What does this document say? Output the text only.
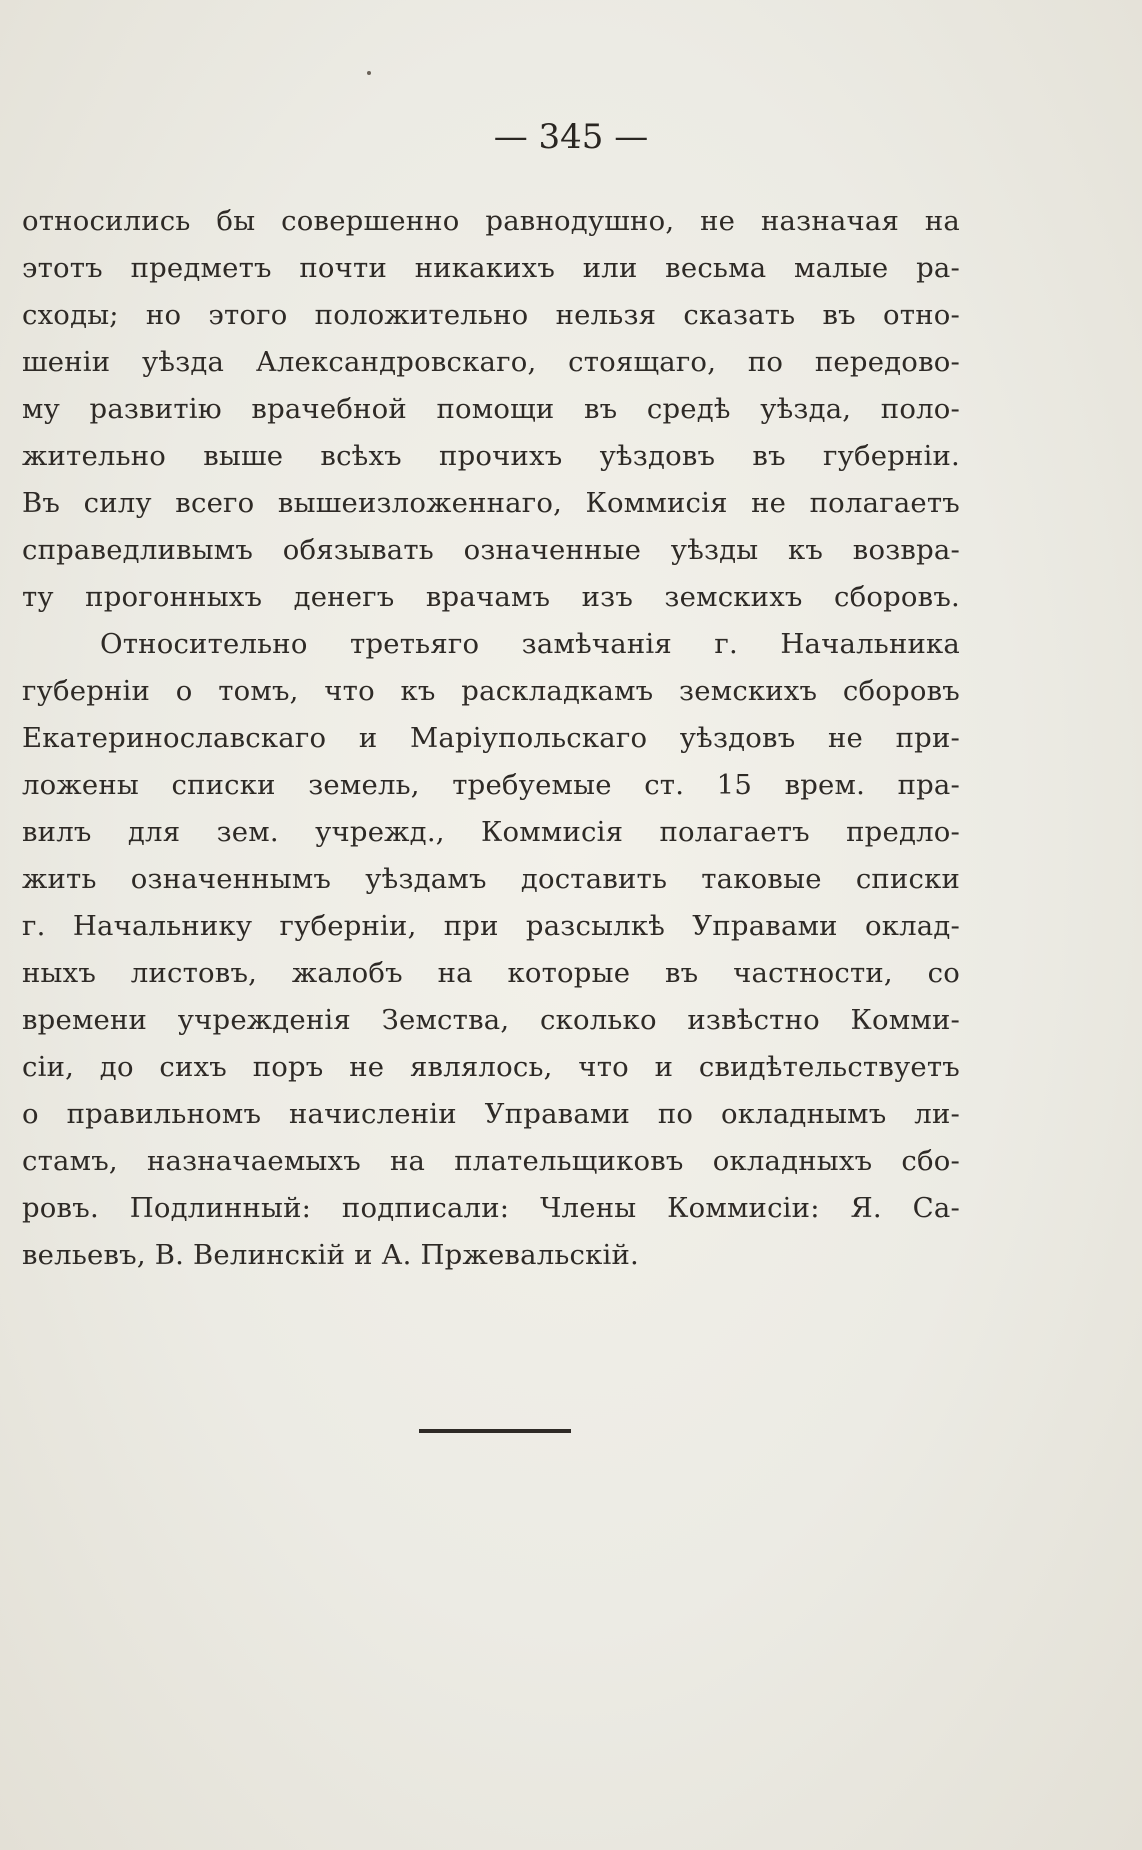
— 345 —
относились бы совершенно равнодушно, не назначая на
этотъ предметъ почти никакихъ или весьма малые ра-
сходы; но этого положительно нельзя сказать въ отно-
шеніи уѣзда Александровскаго, стоящаго, по передово-
му развитію врачебной помощи въ средѣ уѣзда, поло-
жительно выше всѣхъ прочихъ уѣздовъ въ губерніи.
Въ силу всего вышеизложеннаго, Коммисія не полагаетъ
справедливымъ обязывать означенные уѣзды къ возвра-
ту прогонныхъ денегъ врачамъ изъ земскихъ сборовъ.
Относительно третьяго замѣчанія г. Начальника
губерніи о томъ, что къ раскладкамъ земскихъ сборовъ
Екатеринославскаго и Маріупольскаго уѣздовъ не при-
ложены списки земель, требуемые ст. 15 врем. пра-
вилъ для зем. учрежд., Коммисія полагаетъ предло-
жить означеннымъ уѣздамъ доставить таковые списки
г. Начальнику губерніи, при разсылкѣ Управами оклад-
ныхъ листовъ, жалобъ на которые въ частности, со
времени учрежденія Земства, сколько извѣстно Комми-
сіи, до сихъ поръ не являлось, что и свидѣтельствуетъ
о правильномъ начисленіи Управами по окладнымъ ли-
стамъ, назначаемыхъ на плательщиковъ окладныхъ сбо-
ровъ. Подлинный: подписали: Члены Коммисіи: Я. Са-
вельевъ, В. Велинскій и А. Пржевальскій.
